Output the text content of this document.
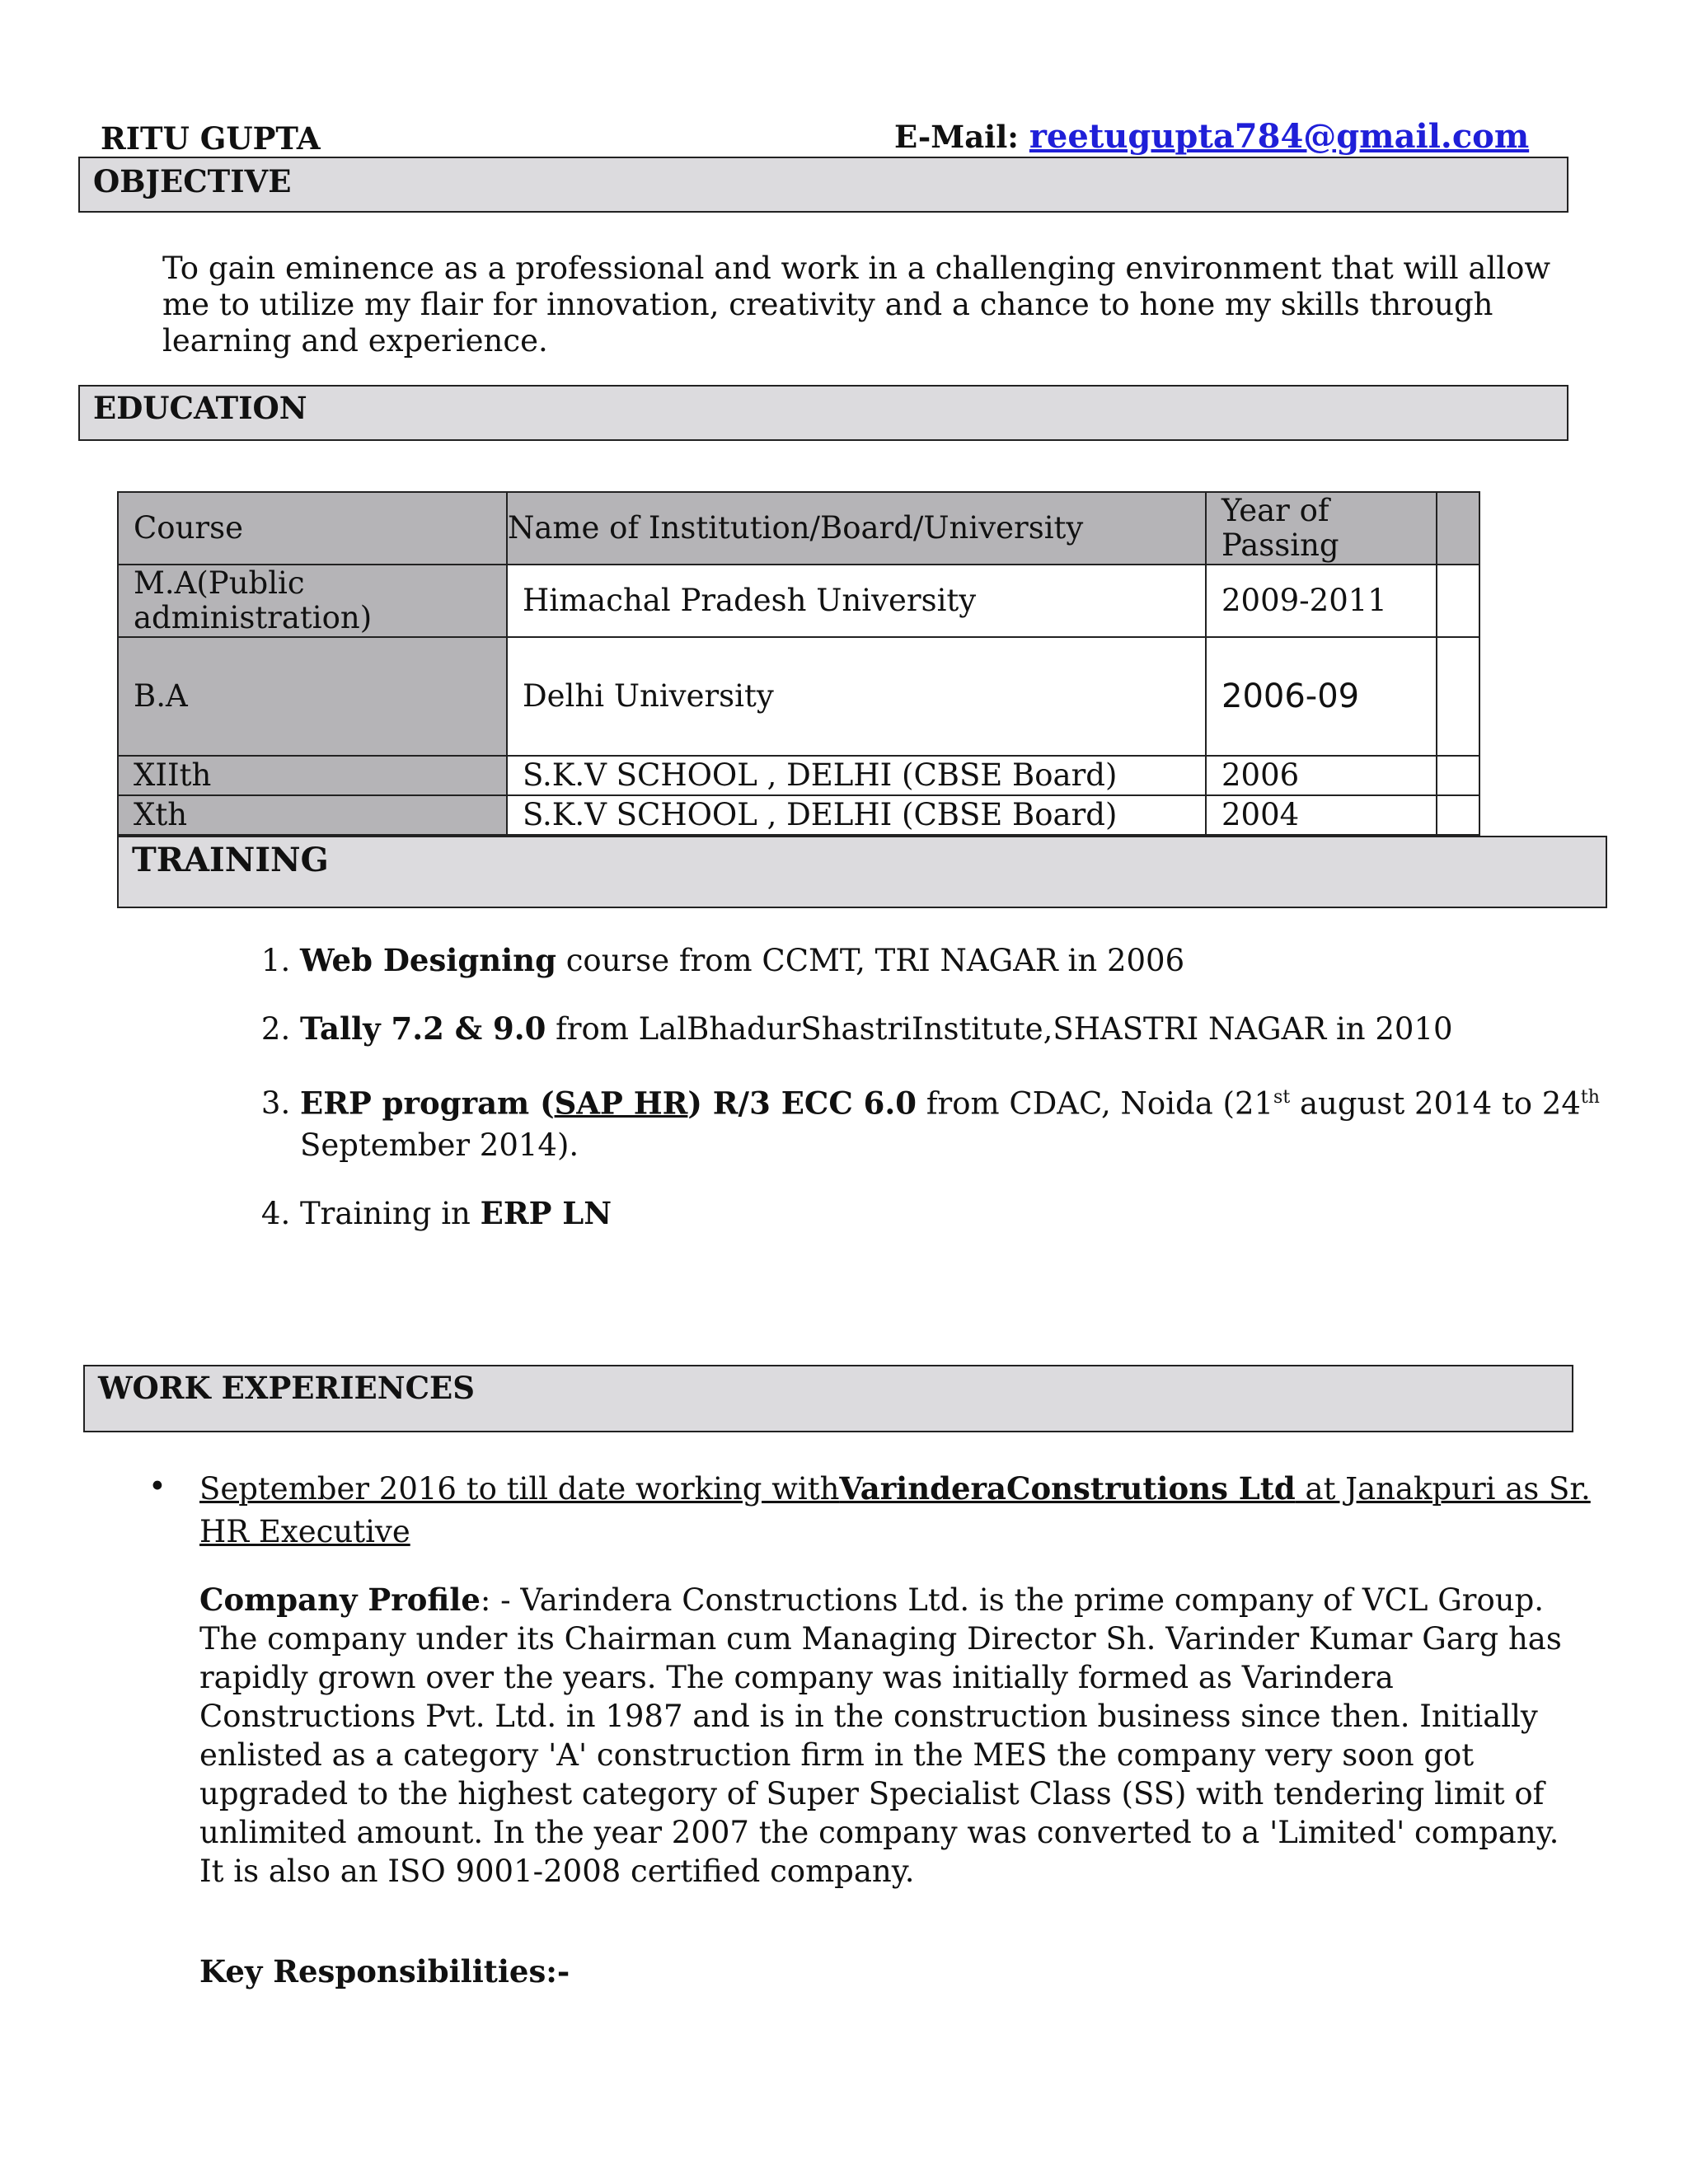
RITU GUPTA	E-Mail: reetugupta784@gmail.com
OBJECTIVE
To gain eminence as a professional and work in a challenging environment that will allow me to utilize my flair for innovation, creativity and a chance to hone my skills through learning and experience.
EDUCATION
Course	Name of Institution/Board/University	Year of Passing	
M.A(Public administration)	Himachal Pradesh University	2009-2011	
B.A	Delhi University	2006-09	
XIIth	S.K.V SCHOOL , DELHI (CBSE Board)	2006	
Xth	S.K.V SCHOOL , DELHI (CBSE Board)	2004	
TRAINING
1. Web Designing course from CCMT, TRI NAGAR in 2006
2. Tally 7.2 & 9.0 from LalBhadurShastriInstitute,SHASTRI NAGAR in 2010
3. ERP program (SAP HR) R/3 ECC 6.0 from CDAC, Noida (21st august 2014 to 24th September 2014).
4. Training in ERP LN
WORK EXPERIENCES
• September 2016 to till date working withVarinderaConstrutions Ltd at Janakpuri as Sr. HR Executive
Company Profile: - Varindera Constructions Ltd. is the prime company of VCL Group. The company under its Chairman cum Managing Director Sh. Varinder Kumar Garg has rapidly grown over the years. The company was initially formed as Varindera Constructions Pvt. Ltd. in 1987 and is in the construction business since then. Initially enlisted as a category 'A' construction firm in the MES the company very soon got upgraded to the highest category of Super Specialist Class (SS) with tendering limit of unlimited amount. In the year 2007 the company was converted to a 'Limited' company. It is also an ISO 9001-2008 certified company.
Key Responsibilities:-
